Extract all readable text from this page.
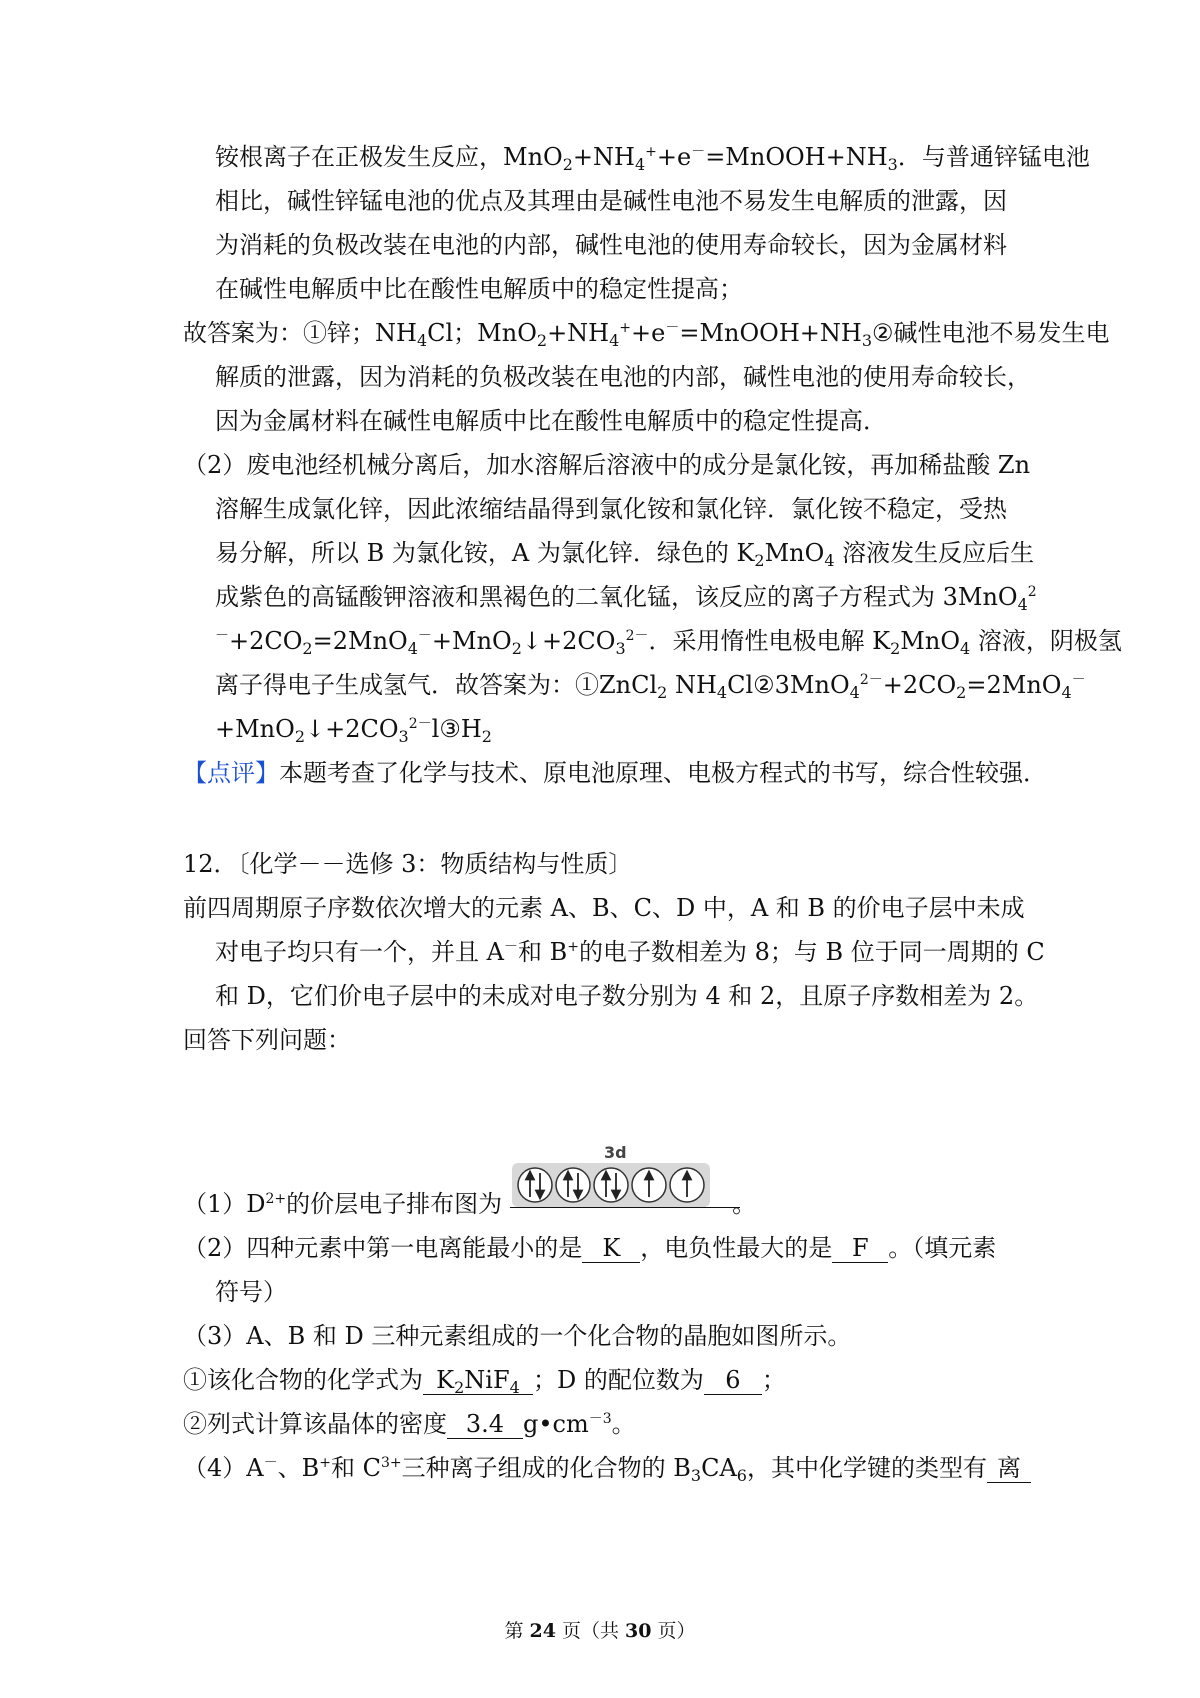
铵根离子在正极发生反应，$MnO_2+NH_4^++e^-=MnOOH+NH_3$．与普通锌锰电池
相比，碱性锌锰电池的优点及其理由是碱性电池不易发生电解质的泄露，因
为消耗的负极改装在电池的内部，碱性电池的使用寿命较长，因为金属材料
在碱性电解质中比在酸性电解质中的稳定性提高；
故答案为：①锌；$NH_4Cl$；$MnO_2+NH_4^++e^-=MnOOH+NH_3②$碱性电池不易发生电
解质的泄露，因为消耗的负极改装在电池的内部，碱性电池的使用寿命较长，
因为金属材料在碱性电解质中比在酸性电解质中的稳定性提高．
（2）废电池经机械分离后，加水溶解后溶液中的成分是氯化铵，再加稀盐酸 Zn
溶解生成氯化锌，因此浓缩结晶得到氯化铵和氯化锌．氯化铵不稳定，受热
易分解，所以 B 为氯化铵，A 为氯化锌．绿色的 $K_2MnO_4$ 溶液发生反应后生
成紫色的高锰酸钾溶液和黑褐色的二氧化锰，该反应的离子方程式为 3MnO$_4^2$
$^-+2CO_2=2MnO_4^-+MnO_2↓+2CO_3^{2-}$．采用惰性电极电解 $K_2MnO_4$ 溶液，阴极氢
离子得电子生成氢气．故答案为：①ZnCl$_2$ $NH_4Cl②3MnO_4^{2-}+2CO_2=2MnO_4^-$
$+MnO_2↓+2CO_3^{2-}l③H_2$
【点评】本题考查了化学与技术、原电池原理、电极方程式的书写，综合性较强．
12．〔化学－－选修 3：物质结构与性质〕
前四周期原子序数依次增大的元素 A、B、C、D 中，A 和 B 的价电子层中未成
对电子均只有一个，并且 A－和 B+的电子数相差为 8；与 B 位于同一周期的 C
和 D，它们价电子层中的未成对电子数分别为 4 和 2，且原子序数相差为 2。
回答下列问题：
3d
$(1)D^{2+}$的价层电子排布图为	。
（2）四种元素中第一电离能最小的是 K ，电负性最大的是 F 。（填元素
符号）
（3）A、B 和 D 三种元素组成的一个化合物的晶胞如图所示。
①该化合物的化学式为 $K_2NiF_4$ ；D 的配位数为 6 ；
②列式计算该晶体的密度 3.4 $g•cm^{-3}$。
（4）A－、B+和 $C^{3+}$三种离子组成的化合物的 $B_3CA_6$，其中化学键的类型有 离
第 24 页（共 30 页）
